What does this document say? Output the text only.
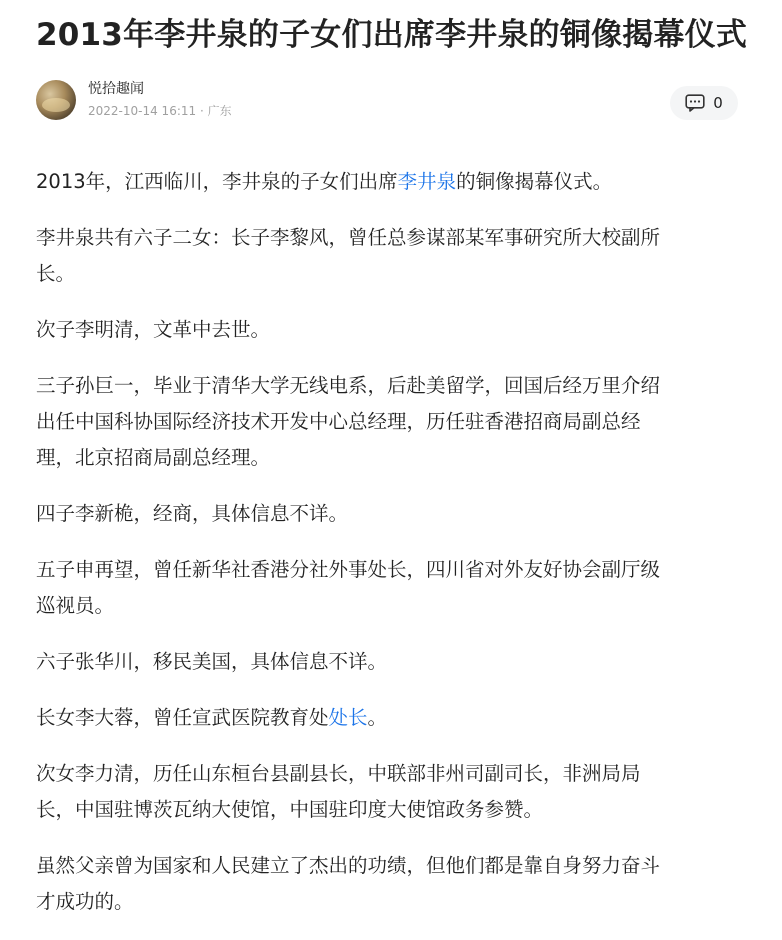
2013年李井泉的子女们出席李井泉的铜像揭幕仪式
悦拾趣闻
2022-10-14 16:11 · 广东	0

2013年，江西临川，李井泉的子女们出席李井泉的铜像揭幕仪式。

李井泉共有六子二女：长子李黎风，曾任总参谋部某军事研究所大校副所
长。

次子李明清，文革中去世。

三子孙巨一，毕业于清华大学无线电系，后赴美留学，回国后经万里介绍
出任中国科协国际经济技术开发中心总经理，历任驻香港招商局副总经
理，北京招商局副总经理。

四子李新桅，经商，具体信息不详。

五子申再望，曾任新华社香港分社外事处长，四川省对外友好协会副厅级
巡视员。

六子张华川，移民美国，具体信息不详。

长女李大蓉，曾任宣武医院教育处处长。

次女李力清，历任山东桓台县副县长，中联部非州司副司长，非洲局局
长，中国驻博茨瓦纳大使馆，中国驻印度大使馆政务参赞。

虽然父亲曾为国家和人民建立了杰出的功绩，但他们都是靠自身努力奋斗
才成功的。
